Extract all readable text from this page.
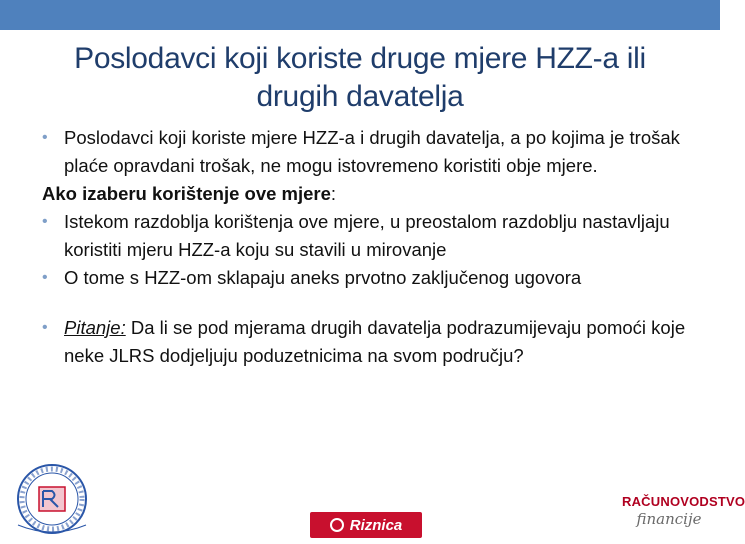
Poslodavci koji koriste druge mjere HZZ-a ili drugih davatelja

• Poslodavci koji koriste mjere HZZ-a i drugih davatelja, a po kojima je trošak plaće opravdani trošak, ne mogu istovremeno koristiti obje mjere.

Ako izaberu korištenje ove mjere:

• Istekom razdoblja korištenja ove mjere, u preostalom razdoblju nastavljaju koristiti mjeru HZZ-a koju su stavili u mirovanje

• O tome s HZZ-om sklapaju aneks prvotno zaključenog ugovora

• Pitanje: Da li se pod mjerama drugih davatelja podrazumijevaju pomoći koje neke JLRS dodjeljuju poduzetnicima na svom području?

Riznica
RAČUNOVODSTVO
financije
